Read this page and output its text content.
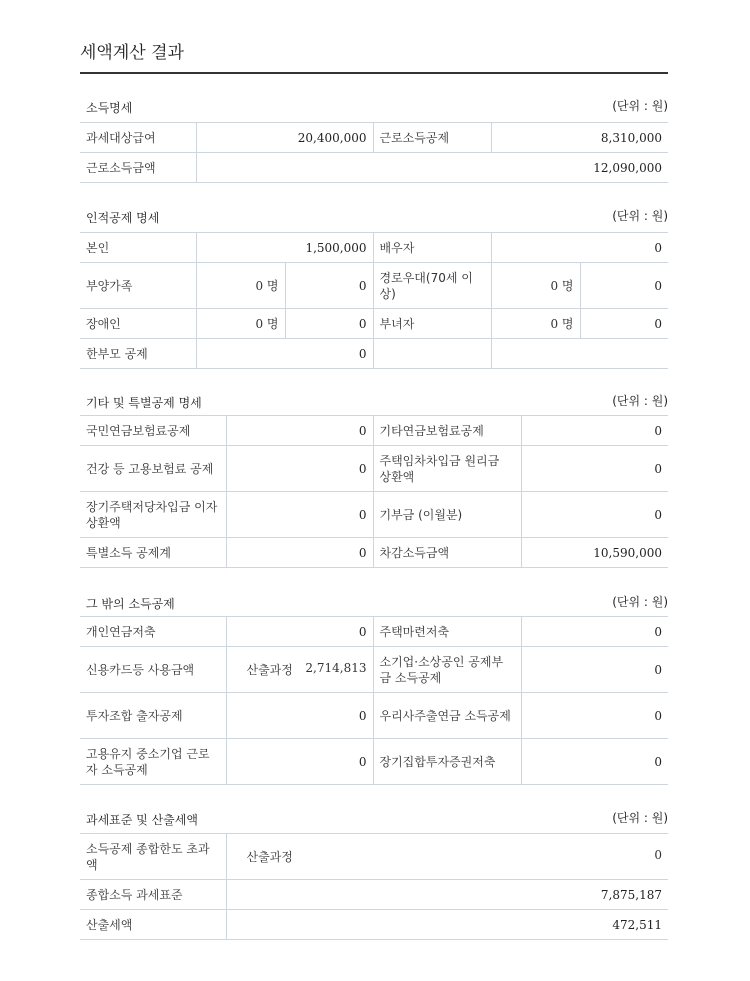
세액계산 결과
소득명세	(단위 : 원)
과세대상급여	20,400,000	근로소득공제	8,310,000
근로소득금액	12,090,000		
인적공제 명세	(단위 : 원)
본인	1,500,000		배우자	0	
부양가족	0 명	0	경로우대(70세 이상)	0 명	0
장애인	0 명	0	부녀자	0 명	0
한부모 공제	0				
기타 및 특별공제 명세	(단위 : 원)
국민연금보험료공제	0	기타연금보험료공제	0
건강 등 고용보험료 공제	0	주택임차차입금 원리금 상환액	0
장기주택저당차입금 이자상환액	0	기부금 (이월분)	0
특별소득 공제계	0	차감소득금액	10,590,000
그 밖의 소득공제	(단위 : 원)
개인연금저축	0	주택마련저축	0
신용카드등 사용금액	산출과정 2,714,813	소기업·소상공인 공제부금 소득공제	0
투자조합 출자공제	0	우리사주출연금 소득공제	0
고용유지 중소기업 근로자 소득공제	0	장기집합투자증권저축	0
과세표준 및 산출세액	(단위 : 원)
소득공제 종합한도 초과액	산출과정 0

종합소득 과세표준	7,875,187
산출세액	472,511
